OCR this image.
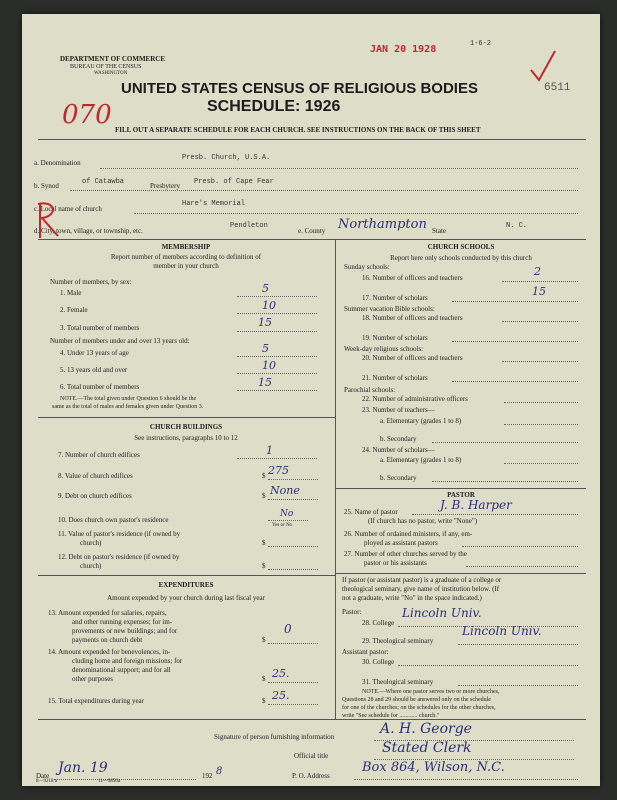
DEPARTMENT OF COMMERCE
BUREAU OF THE CENSUS
WASHINGTON
JAN 20 1928	1-6-2
UNITED STATES CENSUS OF RELIGIOUS BODIES	6511
070	SCHEDULE: 1926
FILL OUT A SEPARATE SCHEDULE FOR EACH CHURCH. SEE INSTRUCTIONS ON THE BACK OF THIS SHEET
a. Denomination
Presb. Church, U.S.A.
b. Synod	of Catawba	Presbytery Presb. of Cape Fear
c. Local name of church
Hare's Memorial
d. City, town, village, or township, etc.
Pendleton
e. County Northampton State
N. C.
MEMBERSHIP
Report number of members according to definition of
member in your church
Number of members, by sex:
1. Male	5
2. Female	10
3. Total number of members	15
Number of members under and over 13 years old:
4. Under 13 years of age	5
5. 13 years old and over	10
6. Total number of members	15
NOTE.—The total given under Question 6 should be the
same as the total of males and females given under Question 3.
CHURCH BUILDINGS
See instructions, paragraphs 10 to 12
7. Number of church edifices	1
8. Value of church edifices	$ 275
9. Debt on church edifices	$ None
10. Does church own pastor's residence
No
Yes or No
11. Value of pastor's residence (if owned by
church)	$
12. Debt on pastor's residence (if owned by
church)	$
EXPENDITURES
Amount expended by your church during last fiscal year
13. Amount expended for salaries, repairs,
and other running expenses; for im-
provements or new buildings; and for
payments on church debt	$
0
14. Amount expended for benevolences, in-
cluding home and foreign missions; for
denominational support; and for all
other purposes	$ 25.
15. Total expenditures during year	$ 25.
CHURCH SCHOOLS
Report here only schools conducted by this church
Sunday schools:
16. Number of officers and teachers	2
17. Number of scholars	15
Summer vacation Bible schools:
18. Number of officers and teachers
19. Number of scholars
Week-day religious schools:
20. Number of officers and teachers
21. Number of scholars
Parochial schools:
22. Number of administrative officers
23. Number of teachers—
a. Elementary (grades 1 to 8)
b. Secondary
24. Number of scholars—
a. Elementary (grades 1 to 8)
b. Secondary
PASTOR
25. Name of pastor	J. B. Harper
(If church has no pastor, write "None")
26. Number of ordained ministers, if any, em-
ployed as assistant pastors
27. Number of other churches served by the
pastor or his assistants
If pastor (or assistant pastor) is a graduate of a college or
theological seminary, give name of institution below. (If
not a graduate, write "No" in the space indicated.)
Pastor:
28. College
Lincoln Univ.
29. Theological seminary
Lincoln Univ.
Assistant pastor:
30. College
31. Theological seminary
NOTE.—Where one pastor serves two or more churches,
Questions 28 and 29 should be answered only on the schedule
for one of the churches; on the schedules for the other churches,
write "See schedule for ............ church."
Signature of person furnishing information	A. H. George
Official title	Stated Clerk
Date Jan. 19	192 8	P. O. Address
Box 864, Wilson, N.C.
8—9218 a	11—9856a
